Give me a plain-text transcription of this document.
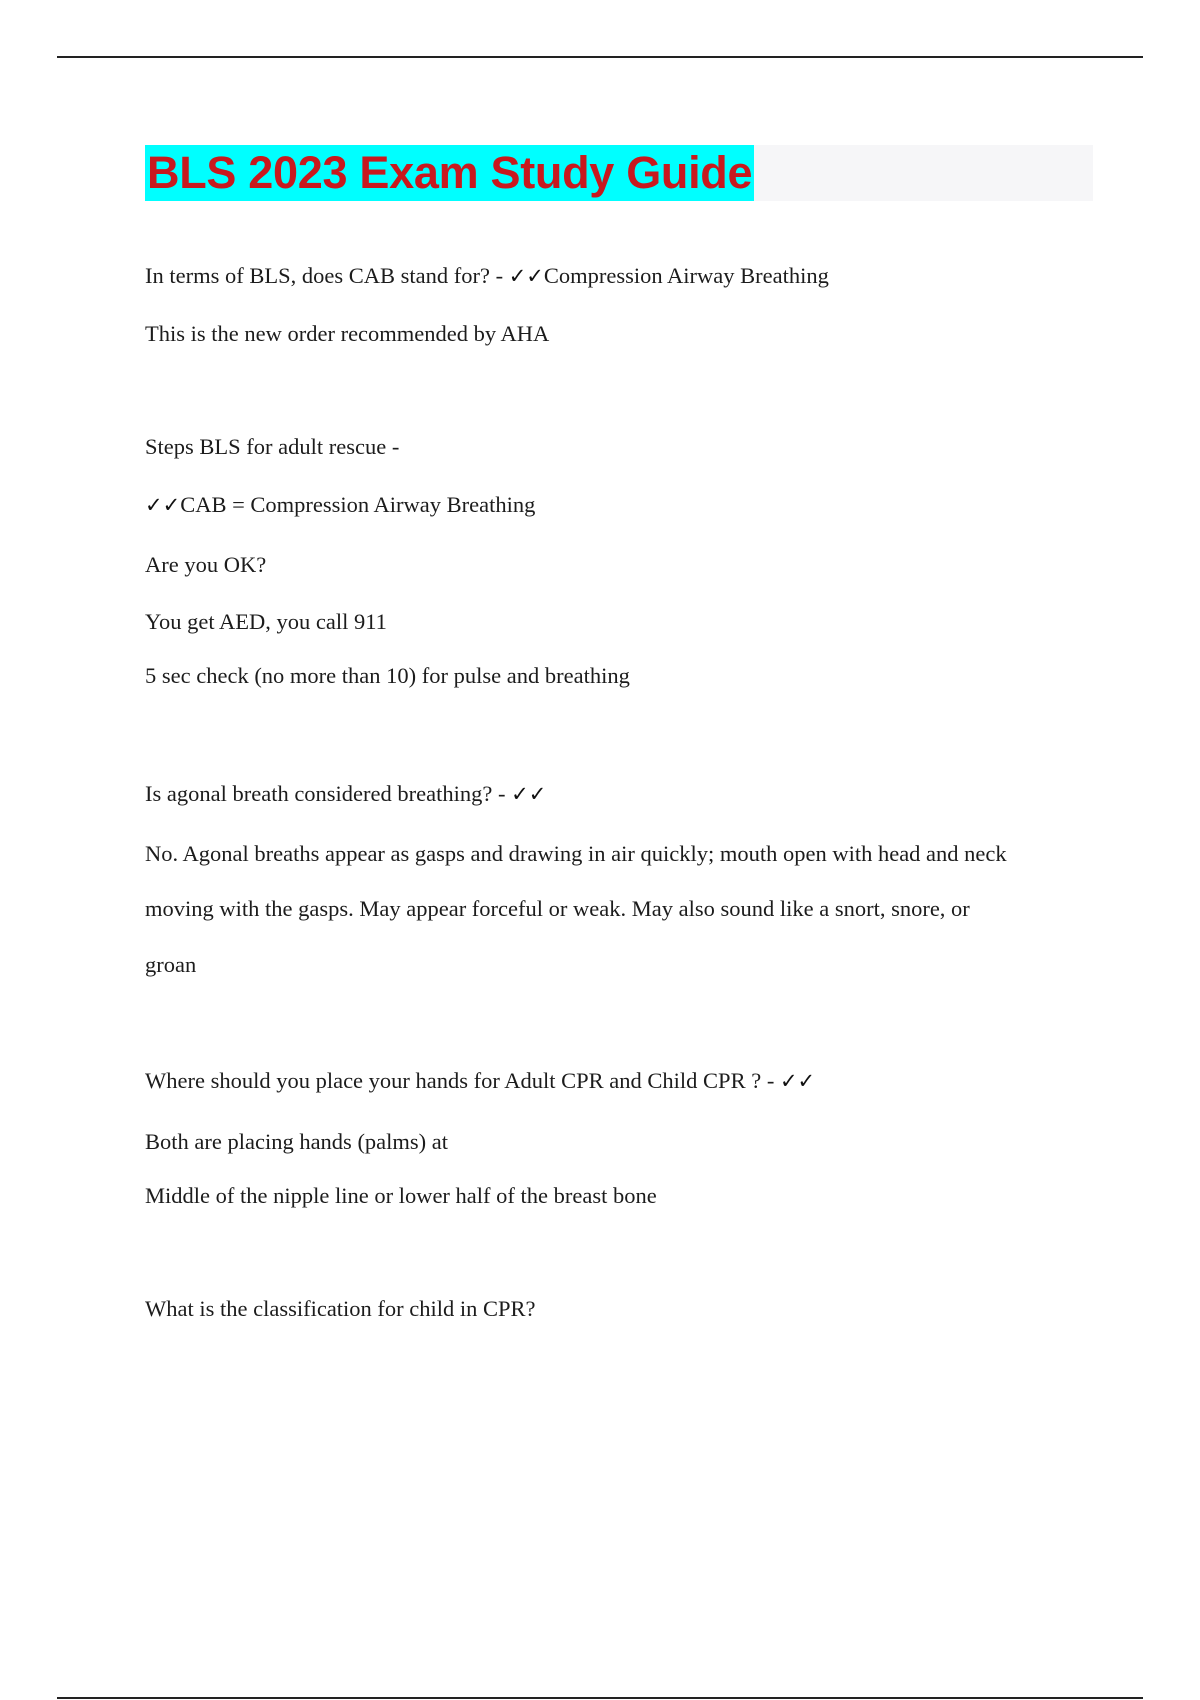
BLS 2023 Exam Study Guide
In terms of BLS, does CAB stand for? - ✓✓Compression Airway Breathing
This is the new order recommended by AHA
Steps BLS for adult rescue -
✓✓CAB = Compression Airway Breathing
Are you OK?
You get AED, you call 911
5 sec check (no more than 10) for pulse and breathing
Is agonal breath considered breathing? - ✓✓
No. Agonal breaths appear as gasps and drawing in air quickly; mouth open with head and neck
moving with the gasps. May appear forceful or weak. May also sound like a snort, snore, or
groan
Where should you place your hands for Adult CPR and Child CPR ? - ✓✓
Both are placing hands (palms) at
Middle of the nipple line or lower half of the breast bone
What is the classification for child in CPR?
